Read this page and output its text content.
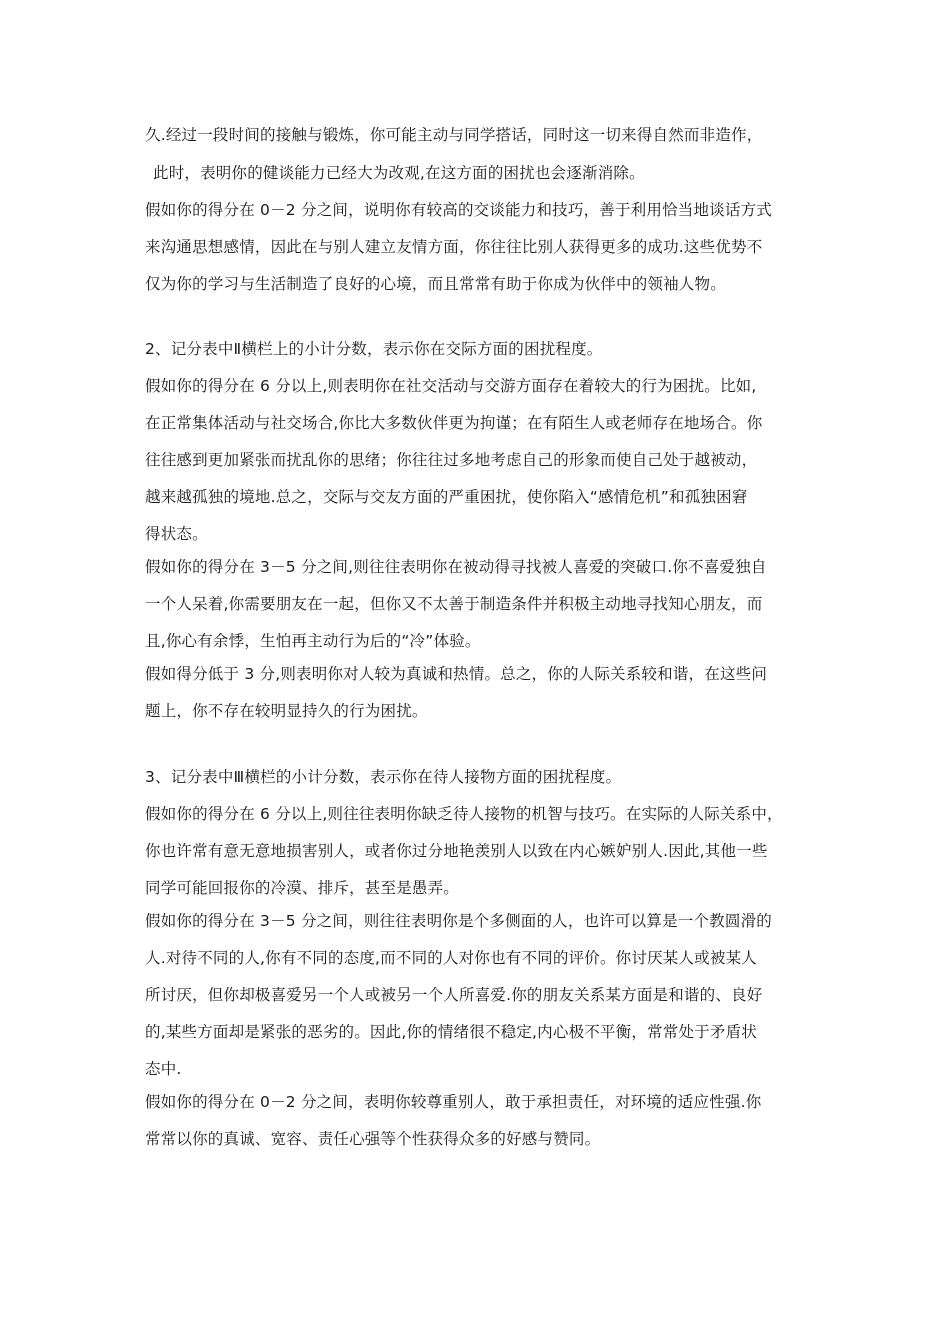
久.经过一段时间的接触与锻炼，你可能主动与同学搭话，同时这一切来得自然而非造作，
此时，表明你的健谈能力已经大为改观,在这方面的困扰也会逐渐消除。
假如你的得分在 0－2 分之间，说明你有较高的交谈能力和技巧，善于利用恰当地谈话方式
来沟通思想感情，因此在与别人建立友情方面，你往往比别人获得更多的成功.这些优势不
仅为你的学习与生活制造了良好的心境，而且常常有助于你成为伙伴中的领袖人物。
2、记分表中Ⅱ横栏上的小计分数，表示你在交际方面的困扰程度。
假如你的得分在 6 分以上,则表明你在社交活动与交游方面存在着较大的行为困扰。比如,
在正常集体活动与社交场合,你比大多数伙伴更为拘谨；在有陌生人或老师存在地场合。你
往往感到更加紧张而扰乱你的思绪；你往往过多地考虑自己的形象而使自己处于越被动，
越来越孤独的境地.总之，交际与交友方面的严重困扰，使你陷入“感情危机”和孤独困窘
得状态。
假如你的得分在 3－5 分之间,则往往表明你在被动得寻找被人喜爱的突破口.你不喜爱独自
一个人呆着,你需要朋友在一起，但你又不太善于制造条件并积极主动地寻找知心朋友，而
且,你心有余悸，生怕再主动行为后的“冷”体验。
假如得分低于 3 分,则表明你对人较为真诚和热情。总之，你的人际关系较和谐，在这些问
题上，你不存在较明显持久的行为困扰。
3、记分表中Ⅲ横栏的小计分数，表示你在待人接物方面的困扰程度。
假如你的得分在 6 分以上,则往往表明你缺乏待人接物的机智与技巧。在实际的人际关系中，
你也许常有意无意地损害别人，或者你过分地艳羡别人以致在内心嫉妒别人.因此,其他一些
同学可能回报你的冷漠、排斥，甚至是愚弄。
假如你的得分在 3－5 分之间，则往往表明你是个多侧面的人，也许可以算是一个教圆滑的
人.对待不同的人,你有不同的态度,而不同的人对你也有不同的评价。你讨厌某人或被某人
所讨厌，但你却极喜爱另一个人或被另一个人所喜爱.你的朋友关系某方面是和谐的、良好
的,某些方面却是紧张的恶劣的。因此,你的情绪很不稳定,内心极不平衡，常常处于矛盾状
态中.
假如你的得分在 0－2 分之间，表明你较尊重别人，敢于承担责任，对环境的适应性强.你
常常以你的真诚、宽容、责任心强等个性获得众多的好感与赞同。
